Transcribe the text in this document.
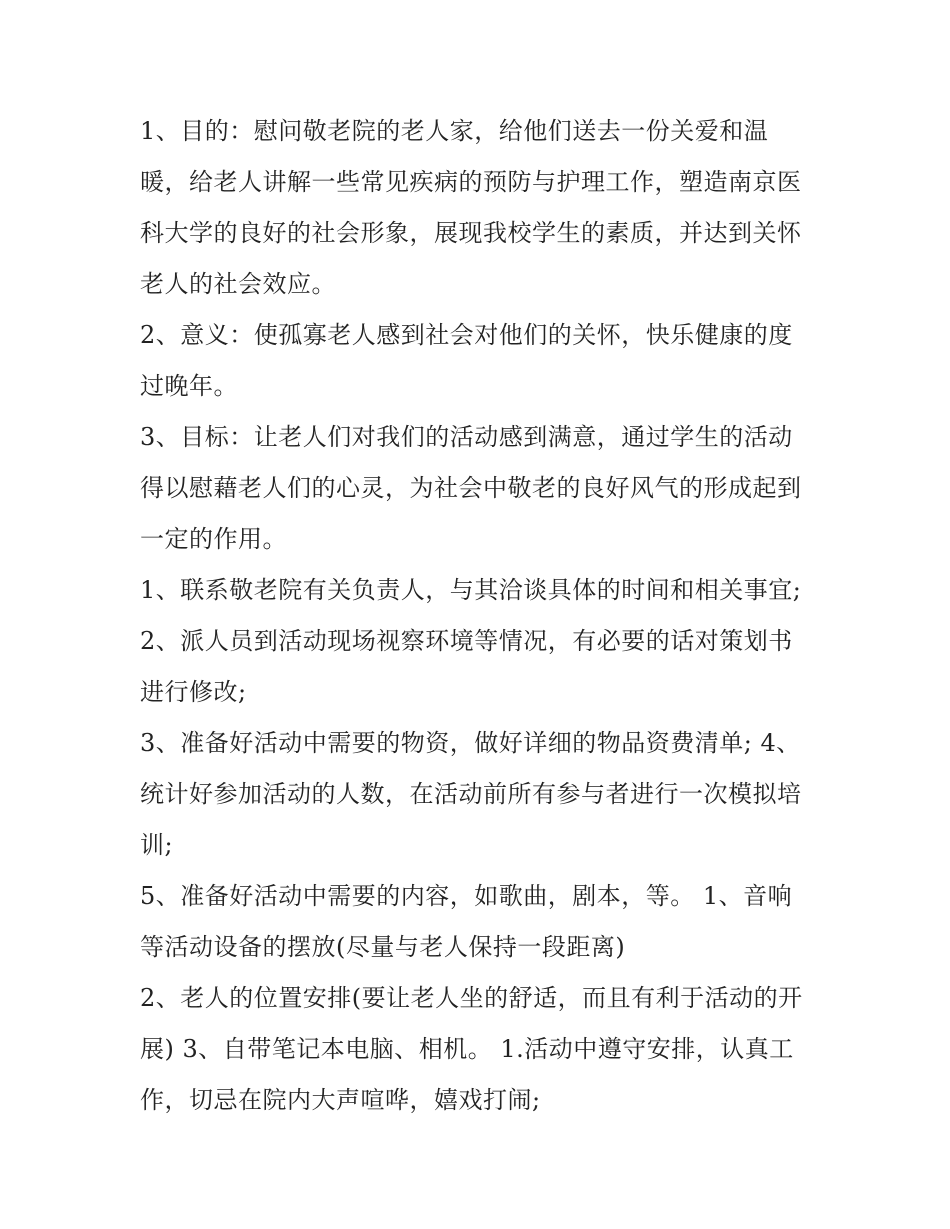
1、目的：慰问敬老院的老人家，给他们送去一份关爱和温
暖，给老人讲解一些常见疾病的预防与护理工作，塑造南京医
科大学的良好的社会形象，展现我校学生的素质，并达到关怀
老人的社会效应。
2、意义：使孤寡老人感到社会对他们的关怀，快乐健康的度
过晚年。
3、目标：让老人们对我们的活动感到满意，通过学生的活动
得以慰藉老人们的心灵，为社会中敬老的良好风气的形成起到
一定的作用。
1、联系敬老院有关负责人，与其洽谈具体的时间和相关事宜;
2、派人员到活动现场视察环境等情况，有必要的话对策划书
进行修改;
3、准备好活动中需要的物资，做好详细的物品资费清单; 4、
统计好参加活动的人数，在活动前所有参与者进行一次模拟培
训;
5、准备好活动中需要的内容，如歌曲，剧本，等。 1、音响
等活动设备的摆放(尽量与老人保持一段距离)
2、老人的位置安排(要让老人坐的舒适，而且有利于活动的开
展) 3、自带笔记本电脑、相机。 1.活动中遵守安排，认真工
作，切忌在院内大声喧哗，嬉戏打闹;
